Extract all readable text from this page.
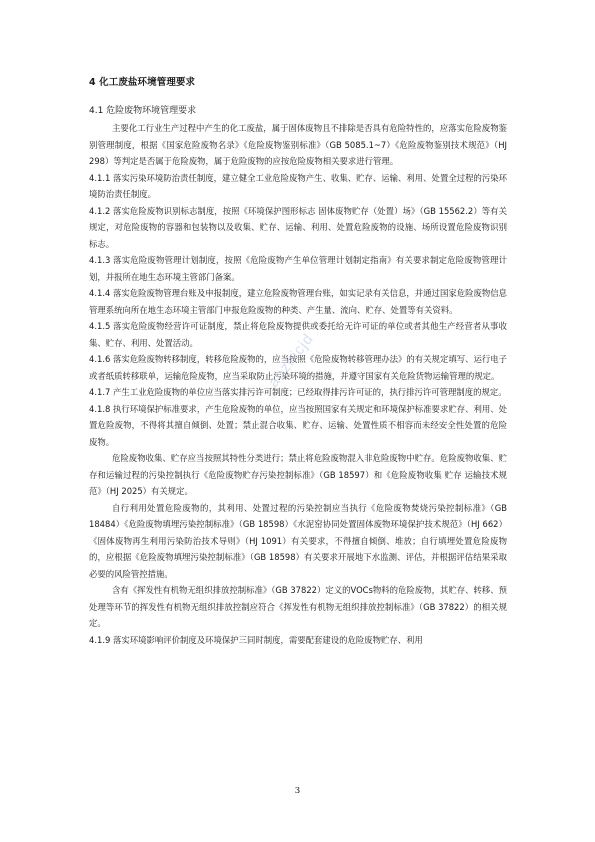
4 化工废盐环境管理要求
4.1 危险废物环境管理要求

主要化工行业生产过程中产生的化工废盐，属于固体废物且不排除是否具有危险特性的，应落实危险废物鉴别管理制度，根据《国家危险废物名录》《危险废物鉴别标准》（GB 5085.1~7）《危险废物鉴别技术规范》（HJ 298）等判定是否属于危险废物，属于危险废物的应按危险废物相关要求进行管理。

4.1.1 落实污染环境防治责任制度，建立健全工业危险废物产生、收集、贮存、运输、利用、处置全过程的污染环境防治责任制度。

4.1.2 落实危险废物识别标志制度，按照《环境保护图形标志 固体废物贮存（处置）场》（GB 15562.2）等有关规定，对危险废物的容器和包装物以及收集、贮存、运输、利用、处置危险废物的设施、场所设置危险废物识别标志。

4.1.3 落实危险废物管理计划制度，按照《危险废物产生单位管理计划制定指南》有关要求制定危险废物管理计划，并报所在地生态环境主管部门备案。

4.1.4 落实危险废物管理台账及申报制度，建立危险废物管理台账，如实记录有关信息，并通过国家危险废物信息管理系统向所在地生态环境主管部门申报危险废物的种类、产生量、流向、贮存、处置等有关资料。

4.1.5 落实危险废物经营许可证制度，禁止将危险废物提供或委托给无许可证的单位或者其他生产经营者从事收集、贮存、利用、处置活动。

4.1.6 落实危险废物转移制度，转移危险废物的，应当按照《危险废物转移管理办法》的有关规定填写、运行电子或者纸质转移联单，运输危险废物，应当采取防止污染环境的措施，并遵守国家有关危险货物运输管理的规定。

4.1.7 产生工业危险废物的单位应当落实排污许可制度；已经取得排污许可证的，执行排污许可管理制度的规定。

4.1.8 执行环境保护标准要求，产生危险废物的单位，应当按照国家有关规定和环境保护标准要求贮存、利用、处置危险废物，不得将其擅自倾倒、处置；禁止混合收集、贮存、运输、处置性质不相容而未经安全性处置的危险废物。

危险废物收集、贮存应当按照其特性分类进行；禁止将危险废物混入非危险废物中贮存。危险废物收集、贮存和运输过程的污染控制执行《危险废物贮存污染控制标准》（GB 18597）和《危险废物收集 贮存 运输技术规范》（HJ 2025）有关规定。

自行利用处置危险废物的，其利用、处置过程的污染控制应当执行《危险废物焚烧污染控制标准》（GB 18484）《危险废物填埋污染控制标准》（GB 18598）《水泥窑协同处置固体废物环境保护技术规范》（HJ 662）《固体废物再生利用污染防治技术导则》（HJ 1091）有关要求，不得擅自倾倒、堆放；自行填埋处置危险废物的，应根据《危险废物填埋污染控制标准》（GB 18598）有关要求开展地下水监测、评估，并根据评估结果采取必要的风险管控措施。

含有《挥发性有机物无组织排放控制标准》（GB 37822）定义的VOCs物料的危险废物，其贮存、转移、预处理等环节的挥发性有机物无组织排放控制应符合《挥发性有机物无组织排放控制标准》（GB 37822）的相关规定。

4.1.9 落实环境影响评价制度及环境保护三同时制度，需要配套建设的危险废物贮存、利用

aozhicjd
3
